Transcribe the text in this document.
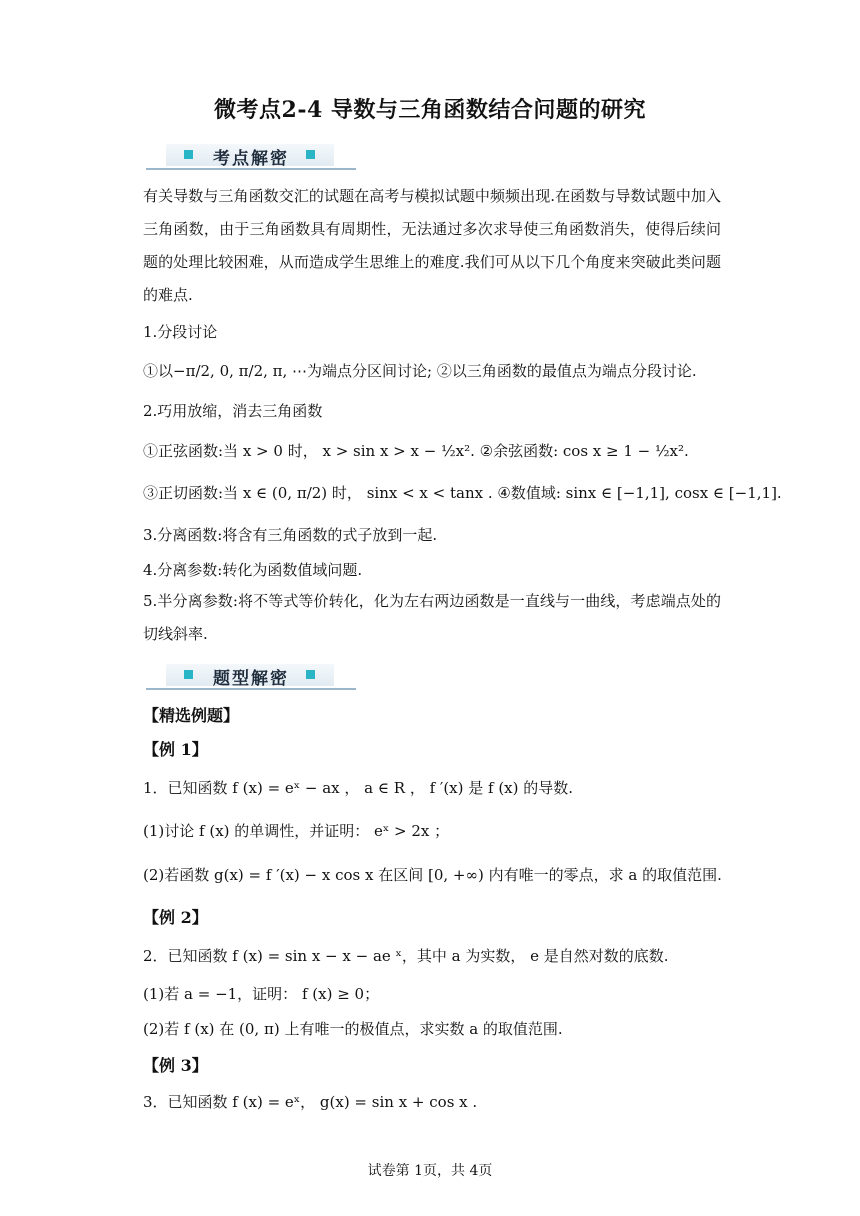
微考点2-4 导数与三角函数结合问题的研究
考点解密
有关导数与三角函数交汇的试题在高考与模拟试题中频频出现.在函数与导数试题中加入三角函数，由于三角函数具有周期性，无法通过多次求导使三角函数消失，使得后续问题的处理比较困难，从而造成学生思维上的难度.我们可从以下几个角度来突破此类问题的难点.
1.分段讨论
①以−π/2, 0, π/2, π, ⋯为端点分区间讨论; ②以三角函数的最值点为端点分段讨论.
2.巧用放缩，消去三角函数
①正弦函数:当 x > 0 时， x > sin x > x − ½x². ②余弦函数: cos x ≥ 1 − ½x².
③正切函数:当 x ∈ (0, π/2) 时， sinx < x < tanx . ④数值域: sinx ∈ [−1,1], cosx ∈ [−1,1].
3.分离函数:将含有三角函数的式子放到一起.
4.分离参数:转化为函数值域问题.
5.半分离参数:将不等式等价转化，化为左右两边函数是一直线与一曲线，考虑端点处的切线斜率.
题型解密
【精选例题】
【例 1】
1．已知函数 f (x) = eˣ − ax ， a ∈ R ， f ′(x) 是 f (x) 的导数.
(1)讨论 f (x) 的单调性，并证明： eˣ > 2x ；
(2)若函数 g(x) = f ′(x) − x cos x 在区间 [0, +∞) 内有唯一的零点，求 a 的取值范围.
【例 2】
2．已知函数 f (x) = sin x − x − ae ˣ，其中 a 为实数， e 是自然对数的底数.
(1)若 a = −1，证明： f (x) ≥ 0；
(2)若 f (x) 在 (0, π) 上有唯一的极值点，求实数 a 的取值范围.
【例 3】
3．已知函数 f (x) = eˣ， g(x) = sin x + cos x .
试卷第 1页，共 4页
